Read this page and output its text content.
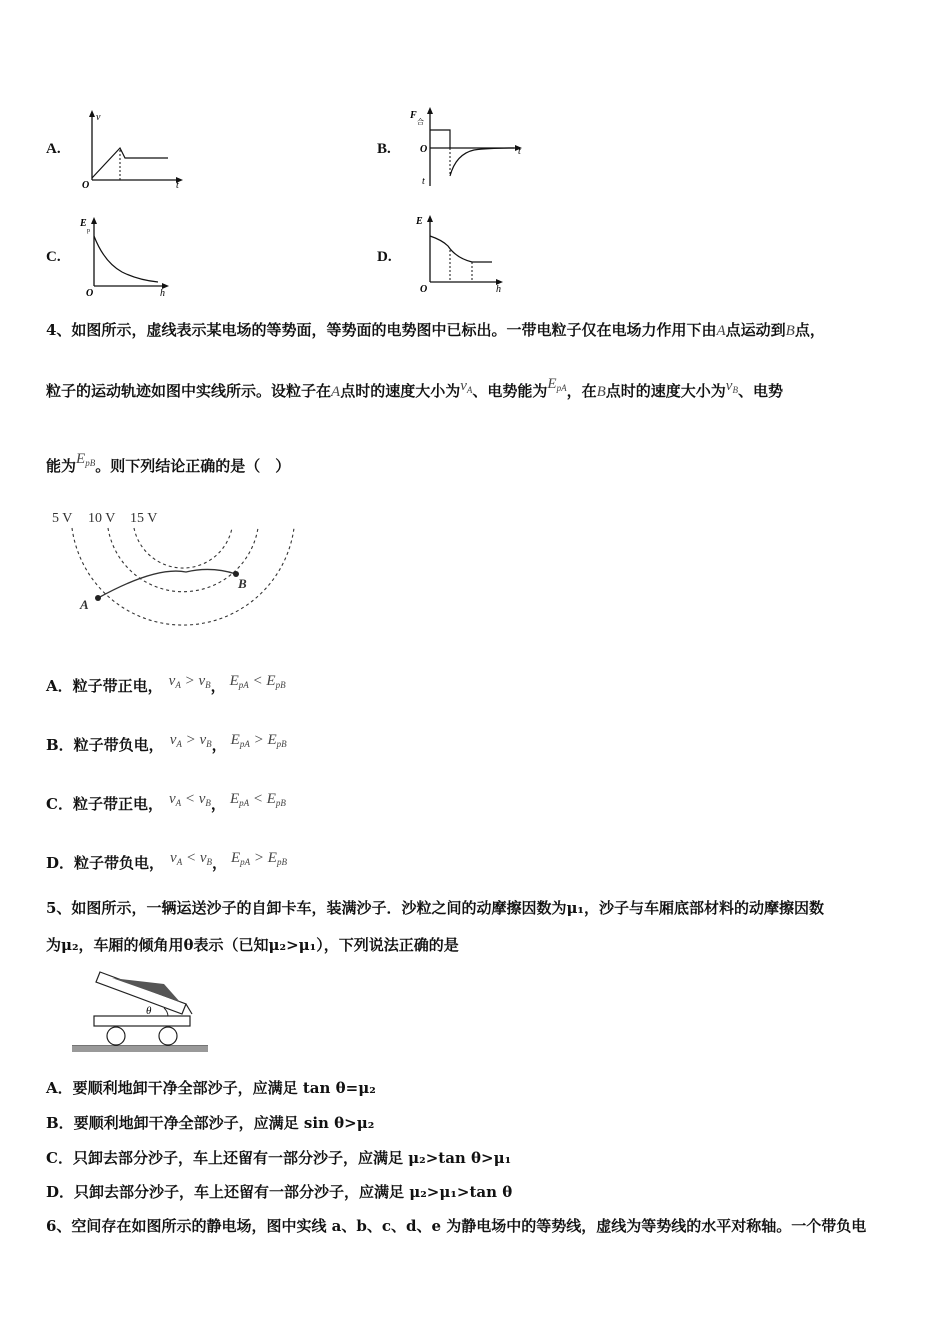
A.
v
t
O
B.
F
合
O	t
t
C.
E
p
O	h
D.
E
O	h
4、如图所示，虚线表示某电场的等势面，等势面的电势图中已标出。一带电粒子仅在电场力作用下由A点运动到B点，
粒子的运动轨迹如图中实线所示。设粒子在A点时的速度大小为$v_A$、电势能为$E_{pA}$，在B点时的速度大小为$v_B$、电势
能为$E_{pB}$。则下列结论正确的是（　）
5 V 10 V 15 V
A
B
A．粒子带正电， $v_A > v_B$， $E_{pA} < E_{pB}$
B．粒子带负电， $v_A > v_B$， $E_{pA} > E_{pB}$
C．粒子带正电， $v_A < v_B$， $E_{pA} < E_{pB}$
D．粒子带负电， $v_A < v_B$， $E_{pA} > E_{pB}$
5、如图所示，一辆运送沙子的自卸卡车，装满沙子．沙粒之间的动摩擦因数为μ₁，沙子与车厢底部材料的动摩擦因数
为μ₂，车厢的倾角用θ表示（已知μ₂>μ₁），下列说法正确的是
θ
A．要顺利地卸干净全部沙子，应满足 tan θ=μ₂
B．要顺利地卸干净全部沙子，应满足 sin θ>μ₂
C．只卸去部分沙子，车上还留有一部分沙子，应满足 μ₂>tan θ>μ₁
D．只卸去部分沙子，车上还留有一部分沙子，应满足 μ₂>μ₁>tan θ
6、空间存在如图所示的静电场，图中实线 a、b、c、d、e 为静电场中的等势线，虚线为等势线的水平对称轴。一个带负电
